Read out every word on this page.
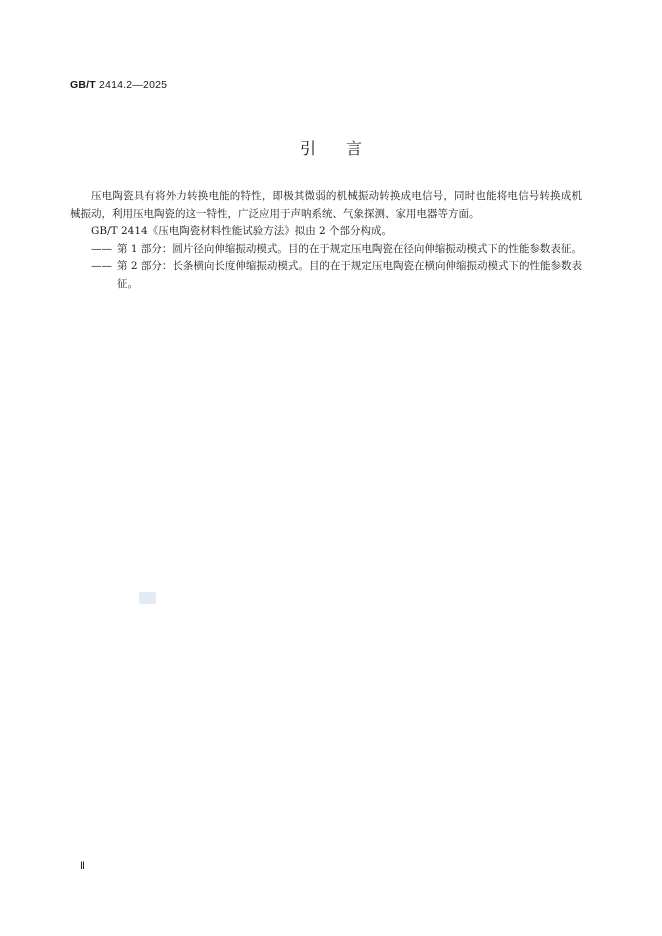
GB/T 2414.2—2025
引言

压电陶瓷具有将外力转换电能的特性，即极其微弱的机械振动转换成电信号，同时也能将电信号转换成机械振动，利用压电陶瓷的这一特性，广泛应用于声呐系统、气象探测、家用电器等方面。

GB/T 2414《压电陶瓷材料性能试验方法》拟由 2 个部分构成。

—— 第 1 部分：圆片径向伸缩振动模式。目的在于规定压电陶瓷在径向伸缩振动模式下的性能参数表征。

—— 第 2 部分：长条横向长度伸缩振动模式。目的在于规定压电陶瓷在横向伸缩振动模式下的性能参数表征。

Ⅱ
